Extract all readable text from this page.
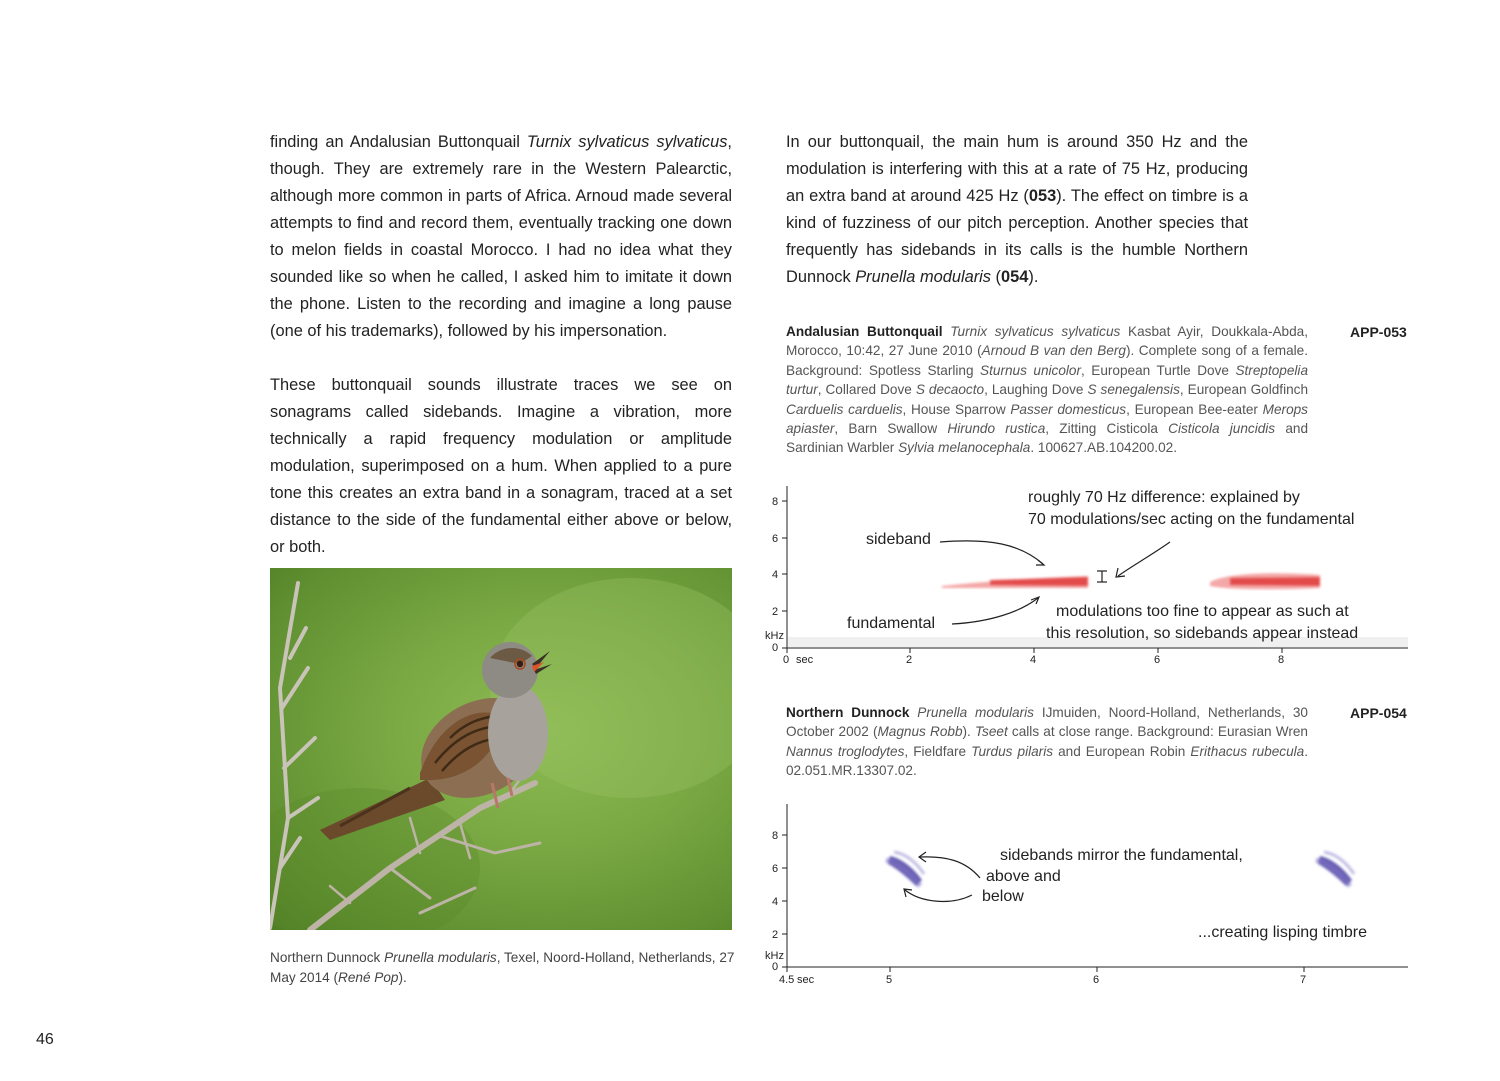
finding an Andalusian Buttonquail Turnix sylvaticus sylvaticus, though. They are extremely rare in the Western Palearctic, although more common in parts of Africa. Arnoud made several attempts to find and record them, eventually tracking one down to melon fields in coastal Morocco. I had no idea what they sounded like so when he called, I asked him to imitate it down the phone. Listen to the recording and imagine a long pause (one of his trademarks), followed by his impersonation.

These buttonquail sounds illustrate traces we see on sonagrams called sidebands. Imagine a vibration, more technically a rapid frequency modulation or amplitude modulation, superimposed on a hum. When applied to a pure tone this creates an extra band in a sonagram, traced at a set distance to the side of the fundamental either above or below, or both.

Northern Dunnock Prunella modularis, Texel, Noord-Holland, Netherlands, 27 May 2014 (René Pop).

In our buttonquail, the main hum is around 350 Hz and the modulation is interfering with this at a rate of 75 Hz, producing an extra band at around 425 Hz (053). The effect on timbre is a kind of fuzziness of our pitch perception. Another species that frequently has sidebands in its calls is the humble Northern Dunnock Prunella modularis (054).

Andalusian Buttonquail Turnix sylvaticus sylvaticus Kasbat Ayir, Doukkala-Abda, Morocco, 10:42, 27 June 2010 (Arnoud B van den Berg). Complete song of a female. Background: Spotless Starling Sturnus unicolor, European Turtle Dove Streptopelia turtur, Collared Dove S decaocto, Laughing Dove S senegalensis, European Goldfinch Carduelis carduelis, House Sparrow Passer domesticus, European Bee-eater Merops apiaster, Barn Swallow Hirundo rustica, Zitting Cisticola Cisticola juncidis and Sardinian Warbler Sylvia melanocephala. 100627.AB.104200.02.
APP-053
8
6
4
2
0
kHz
0 sec	2	4	6	8
roughly 70 Hz difference: explained by
70 modulations/sec acting on the fundamental
sideband
fundamental
modulations too fine to appear as such at
this resolution, so sidebands appear instead
Northern Dunnock Prunella modularis IJmuiden, Noord-Holland, Netherlands, 30 October 2002 (Magnus Robb). Tseet calls at close range. Background: Eurasian Wren Nannus troglodytes, Fieldfare Turdus pilaris and European Robin Erithacus rubecula. 02.051.MR.13307.02.
APP-054
8
6
4
2
0
kHz
4.5 sec	5	6	7
sidebands mirror the fundamental,
above and
below
...creating lisping timbre
46
